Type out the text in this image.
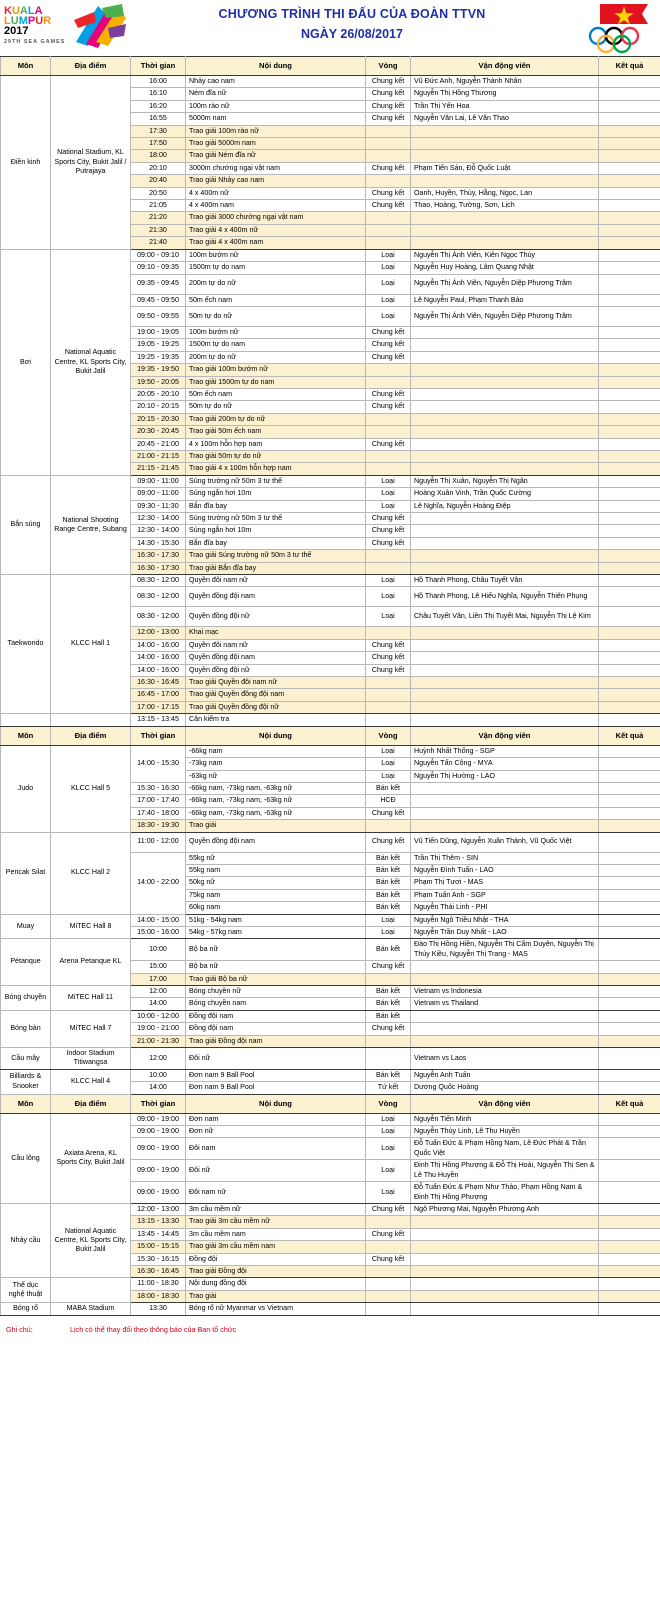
KUALA
LUMPUR
2017
29TH SEA GAMES
CHƯƠNG TRÌNH THI ĐẤU CỦA ĐOÀN TTVN
NGÀY 26/08/2017
Môn	Địa điểm	Thời gian	Nội dung	Vòng	Vận động viên	Kết quả
Điền kinh	National Stadium, KL Sports City, Bukit Jalil / Putrajaya	16:00	Nhảy cao nam	Chung kết	Vũ Đức Anh, Nguyễn Thành Nhân	
		16:10	Ném đĩa nữ	Chung kết	Nguyễn Thị Hồng Thương	
		16:20	100m rào nữ	Chung kết	Trần Thị Yến Hoa	
		16:55	5000m nam	Chung kết	Nguyễn Văn Lai, Lê Văn Thao	
		17:30	Trao giải 100m rào nữ			
		17:50	Trao giải 5000m nam			
		18:00	Trao giải Ném đĩa nữ			
		20:10	3000m chướng ngại vật nam	Chung kết	Phạm Tiến Sản, Đỗ Quốc Luật	
		20:40	Trao giải Nhảy cao nam			
		20:50	4 x 400m nữ	Chung kết	Oanh, Huyền, Thủy, Hằng, Ngọc, Lan	
		21:05	4 x 400m nam	Chung kết	Thao, Hoàng, Tường, Sơn, Lịch	
		21:20	Trao giải 3000 chướng ngại vật nam			
		21:30	Trao giải 4 x 400m nữ			
		21:40	Trao giải 4 x 400m nam			
Bơi	National Aquatic Centre, KL Sports City, Bukit Jalil	09:00 - 09:10	100m bướm nữ	Loại	Nguyễn Thị Ánh Viên, Kiên Ngọc Thúy	
		09:10 - 09:35	1500m tự do nam	Loại	Nguyễn Huy Hoàng, Lâm Quang Nhật	
		09:35 - 09:45	200m tự do nữ	Loại	Nguyễn Thị Ánh Viên, Nguyễn Diệp Phương Trâm	
		09:45 - 09:50	50m ếch nam	Loại	Lê Nguyễn Paul, Phạm Thanh Bảo	
		09:50 - 09:55	50m tự do nữ	Loại	Nguyễn Thị Ánh Viên, Nguyễn Diệp Phương Trâm	
		19:00 - 19:05	100m bướm nữ	Chung kết		
		19:05 - 19:25	1500m tự do nam	Chung kết		
		19:25 - 19:35	200m tự do nữ	Chung kết		
		19:35 - 19:50	Trao giải 100m bướm nữ			
		19:50 - 20:05	Trao giải 1500m tự do nam			
		20:05 - 20:10	50m ếch nam	Chung kết		
		20:10 - 20:15	50m tự do nữ	Chung kết		
		20:15 - 20:30	Trao giải 200m tự do nữ			
		20:30 - 20:45	Trao giải 50m ếch nam			
		20:45 - 21:00	4 x 100m hỗn hợp nam	Chung kết		
		21:00 - 21:15	Trao giải 50m tự do nữ			
		21:15 - 21:45	Trao giải 4 x 100m hỗn hợp nam			
Bắn súng	National Shooting Range Centre, Subang	09:00 - 11:00	Súng trường nữ 50m 3 tư thế	Loại	Nguyễn Thị Xuân, Nguyễn Thị Ngân	
		09:00 - 11:00	Súng ngắn hơi 10m	Loại	Hoàng Xuân Vinh, Trần Quốc Cường	
		09:30 - 11:30	Bắn đĩa bay	Loại	Lê Nghĩa, Nguyễn Hoàng Điệp	
		12:30 - 14:00	Súng trường nữ 50m 3 tư thế	Chung kết		
		12:30 - 14:00	Súng ngắn hơi 10m	Chung kết		
		14:30 - 15:30	Bắn đĩa bay	Chung kết		
		16:30 - 17:30	Trao giải Súng trường nữ 50m 3 tư thế			
		16:30 - 17:30	Trao giải Bắn đĩa bay			
Taekwondo	KLCC Hall 1	08:30 - 12:00	Quyền đôi nam nữ	Loại	Hồ Thanh Phong, Châu Tuyết Vân	
		08:30 - 12:00	Quyền đồng đội nam	Loại	Hồ Thanh Phong, Lê Hiếu Nghĩa, Nguyễn Thiên Phụng	
		08:30 - 12:00	Quyền đồng đội nữ	Loại	Châu Tuyết Vân, Liên Thị Tuyết Mai, Nguyễn Thị Lệ Kim	
		12:00 - 13:00	Khai mạc			
		14:00 - 16:00	Quyền đôi nam nữ	Chung kết		
		14:00 - 16:00	Quyền đồng đội nam	Chung kết		
		14:00 - 16:00	Quyền đồng đội nữ	Chung kết		
		16:30 - 16:45	Trao giải Quyền đôi nam nữ			
		16:45 - 17:00	Trao giải Quyền đồng đội nam			
		17:00 - 17:15	Trao giải Quyền đồng đội nữ			
		13:15 - 13:45	Cân kiểm tra			
Môn	Địa điểm	Thời gian	Nội dung	Vòng	Vận động viên	Kết quả
Judo	KLCC Hall 5	14:00 - 15:30	-66kg nam	Loại	Huỳnh Nhất Thống - SGP	
			-73kg nam	Loại	Nguyễn Tấn Công - MYA	
			-63kg nữ	Loại	Nguyễn Thị Hường - LAO	
		15:30 - 16:30	-66kg nam, -73kg nam, -63kg nữ	Bán kết		
		17:00 - 17:40	-66kg nam, -73kg nam, -63kg nữ	HCĐ		
		17:40 - 18:00	-66kg nam, -73kg nam, -63kg nữ	Chung kết		
		18:30 - 19:30	Trao giải			
Pencak Silat	KLCC Hall 2	11:00 - 12:00	Quyền đồng đội nam	Chung kết	Vũ Tiến Dũng, Nguyễn Xuân Thành, Vũ Quốc Việt	
		14:00 - 22:00	55kg nữ	Bán kết	Trần Thị Thêm - SIN	
			55kg nam	Bán kết	Nguyễn Đình Tuấn - LAO	
			50kg nữ	Bán kết	Phạm Thị Tươi - MAS	
			75kg nam	Bán kết	Phạm Tuấn Anh - SGP	
			60kg nam	Bán kết	Nguyễn Thái Linh - PHI	
Muay	MiTEC Hall 8	14:00 - 15:00	51kg - 54kg nam	Loại	Nguyễn Ngô Triều Nhật - THA	
		15:00 - 16:00	54kg - 57kg nam	Loại	Nguyễn Trần Duy Nhất - LAO	
Pétanque	Arena Petanque KL	10:00	Bộ ba nữ	Bán kết	Đào Thị Hồng Hiền, Nguyễn Thị Cẩm Duyên, Nguyễn Thị Thúy Kiều, Nguyễn Thị Trang - MAS	
		15:00	Bộ ba nữ	Chung kết		
		17:00	Trao giải Bộ ba nữ			
Bóng chuyền	MiTEC Hall 11	12:00	Bóng chuyền nữ	Bán kết	Vietnam vs Indonesia	
		14:00	Bóng chuyền nam	Bán kết	Vietnam vs Thailand	
Bóng bàn	MiTEC Hall 7	10:00 - 12:00	Đồng đội nam	Bán kết		
		19:00 - 21:00	Đồng đội nam	Chung kết		
		21:00 - 21:30	Trao giải Đồng đội nam			
Cầu mây	Indoor Stadium Titiwangsa	12:00	Đôi nữ		Vietnam vs Laos	
Billiards & Snooker	KLCC Hall 4	10:00	Đơn nam 9 Ball Pool	Bán kết	Nguyễn Anh Tuấn	
		14:00	Đơn nam 9 Ball Pool	Tứ kết	Dương Quốc Hoàng	
Môn	Địa điểm	Thời gian	Nội dung	Vòng	Vận động viên	Kết quả
Cầu lông	Axiata Arena, KL Sports City, Bukit Jalil	09:00 - 19:00	Đơn nam	Loại	Nguyễn Tiến Minh	
		09:00 - 19:00	Đơn nữ	Loại	Nguyễn Thùy Linh, Lê Thu Huyền	
		09:00 - 19:00	Đôi nam	Loại	Đỗ Tuấn Đức & Phạm Hồng Nam, Lê Đức Phát & Trần Quốc Việt	
		09:00 - 19:00	Đôi nữ	Loại	Đinh Thị Hồng Phượng & Đỗ Thị Hoài, Nguyễn Thị Sen & Lê Thu Huyền	
		09:00 - 19:00	Đôi nam nữ	Loại	Đỗ Tuấn Đức & Phạm Như Thảo, Phạm Hồng Nam & Đinh Thị Hồng Phượng	
Nhảy cầu	National Aquatic Centre, KL Sports City, Bukit Jalil	12:00 - 13:00	3m cầu mềm nữ	Chung kết	Ngô Phương Mai, Nguyễn Phương Anh	
		13:15 - 13:30	Trao giải 3m cầu mềm nữ			
		13:45 - 14:45	3m cầu mềm nam	Chung kết		
		15:00 - 15:15	Trao giải 3m cầu mềm nam			
		15:30 - 16:15	Đồng đội	Chung kết		
		16:30 - 16:45	Trao giải Đồng đội			
Thể dục nghệ thuật		11:00 - 18:30	Nội dung đồng đội			
		18:00 - 18:30	Trao giải			
Bóng rổ	MABA Stadium	13:30	Bóng rổ nữ Myanmar vs Vietnam			
Ghi chú:	Lịch có thể thay đổi theo thông báo của Ban tổ chức
